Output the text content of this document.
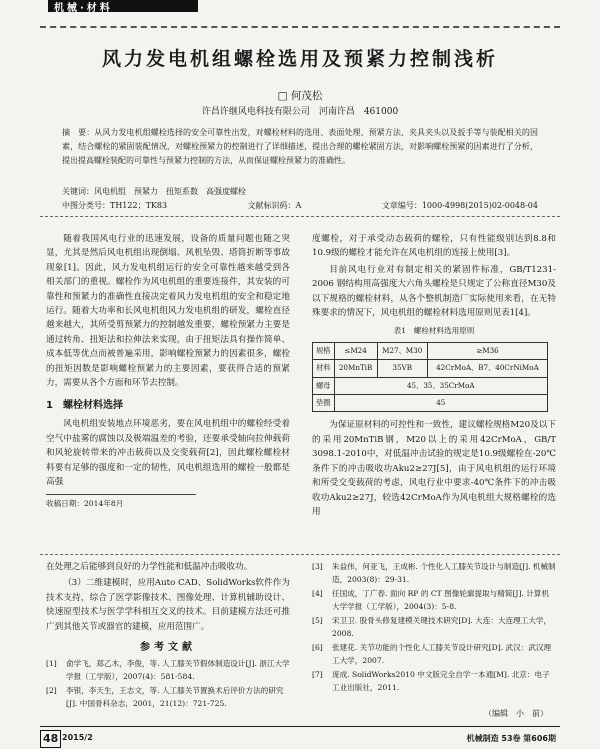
机械·材料
风力发电机组螺栓选用及预紧力控制浅析
□ 何茂松
许昌许继风电科技有限公司　河南许昌　461000

摘　要：从风力发电机组螺栓选择的安全可靠性出发，对螺栓材料的选用、表面处理、预紧方法、夹具夹头以及扳手等与装配相关的因素，结合螺栓的紧固装配情况，对螺栓预紧力的控制进行了详细描述，提出合理的螺栓紧固方法，对影响螺栓预紧的因素进行了分析，提出提高螺栓装配的可靠性与预紧力控制的方法，从而保证螺栓预紧力的准确性。

关键词：风电机组　预紧力　扭矩系数　高强度螺栓

中图分类号：TH122；TK83	文献标识码：A	文章编号：1000-4998(2015)02-0048-04

随着我国风电行业的迅速发展，设备的质量问题也随之突显，尤其是然后风电机组出现倒塌、风机坠毁、塔筒折断等事故现象[1]。因此，风力发电机组运行的安全可靠性越来越受到各相关部门的重视。螺栓作为风电机组的重要连接件，其安装的可靠性和预紧力的准确性直接决定着风力发电机组的安全和稳定地运行。随着大功率和长风电机组风力发电机组的研发，螺栓直径越来越大，其所受剪预紧力的控制越发重要，螺栓预紧力主要是通过转角、扭矩法和拉伸法来实现，由于扭矩法具有操作简单、成本低等优点而被普遍采用，影响螺栓预紧力的因素很多，螺栓的扭矩因数是影响螺栓预紧力的主要因素，要获得合适的预紧力，需要从各个方面和环节去控制。

1　螺栓材料选择

风电机组安装地点环境恶劣，要在风电机组中的螺栓经受着空气中盐雾的腐蚀以及极端温差的考验，还要承受轴向拉伸载荷和风轮旋转带来的冲击载荷以及交变载荷[2]，因此螺栓螺栓材料要有足够的强度和一定的韧性，风电机组选用的螺栓一般都是高强

收稿日期：2014年8月

度螺栓，对于承受动态载荷的螺栓，只有性能级别达到8.8和10.9级的螺栓才能允许在风电机组的连接上使用[3]。

目前风电行业对有制定相关的紧固件标准，GB/T1231-2006 钢结构用高强度大六角头螺栓是只规定了公称直径M30及以下规格的螺栓材料，从各个整机制造厂实际使用来看，在无特殊要求的情况下，风电机组的螺栓材料选用原则见表1[4]。

表1　螺栓材料选用原则
规格	≤M24	M27、M30	≥M36
材料	20MnTiB	35VB	42CrMoA、B7、40CrNiMoA
螺母	45、35、35CrMoA		
垫圈	45		

为保证原材料的可控性和一致性，建议螺栓规格M20及以下的采用20MnTiB钢，M20以上的采用42CrMoA，GB/T 3098.1-2010中，对低温冲击试验的规定是10.9级螺栓在-20℃条件下的冲击吸收功Aku2≥27J[5]，由于风电机组的运行环境和所受交变载荷的考虑，风电行业中要求-40℃条件下的冲击吸收功Aku2≥27J，较选42CrMoA作为风电机组大规格螺栓的选用

在处理之后能够到良好的力学性能和低温冲击吸收功。

（3）二维建模时，应用Auto CAD、SolidWorks软件作为技术支持，综合了医学影像技术、图像处理、计算机辅助设计、快速原型技术与医学学科相互交叉的技术。目前建模方法还可推广到其他关节或器官的建模，应用范围广。

参考文献
[1]	俞学飞，郑乙木，李俊，等. 人工膝关节假体制造设计[J]. 浙江大学学报（工学版），2007(4)：581-584.
[2]	李银，李天生，王志文，等. 人工膝关节置换术后评价方法的研究[J]. 中国骨科杂志，2001，21(12)：721-725.
[3]	朱益伟，何亚飞，王成彬. 个性化人工膝关节设计与制造[J]. 机械制造，2003(8)：29-31.
[4]	任国成，丁广春. 面向 RP 的 CT 图像轮廓提取与精简[J]. 计算机大学学报（工学版），2004(3)：5-8.
[5]	宋卫卫. 股骨头修复建模关键技术研究[D]. 大连：大连理工大学，2008.
[6]	张建花. 关节功能的个性化人工膝关节设计研究[D]. 武汉：武汉理工大学，2007.
[7]	庞成. SolidWorks2010 中文版完全自学一本通[M]. 北京：电子工业出版社，2011.
（编辑　小　前）
48 2015/2	机械制造 53卷 第606期
